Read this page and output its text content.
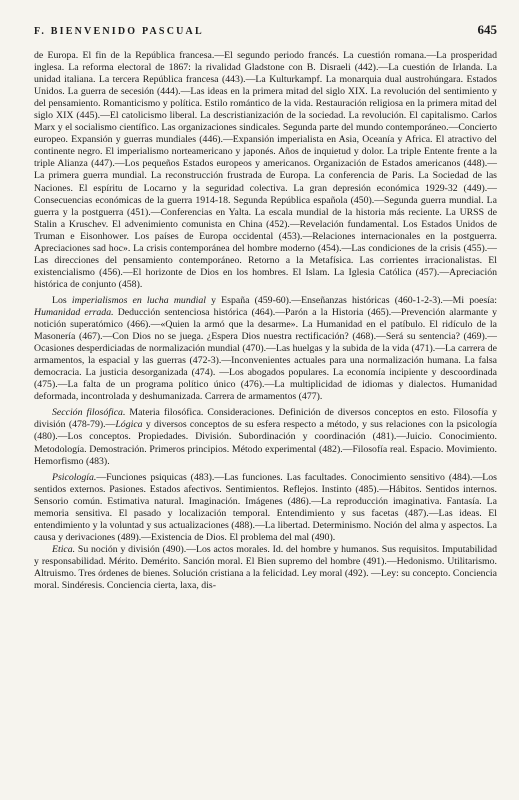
F. BIENVENIDO PASCUAL	645

de Europa. El fin de la República francesa.—El segundo periodo francés. La cuestión romana.—La prosperidad inglesa. La reforma electoral de 1867: la rivalidad Gladstone con B. Disraeli (442).—La cuestión de Irlanda. La unidad italiana. La tercera República francesa (443).—La Kulturkampf. La monarquia dual austrohúngara. Estados Unidos. La guerra de secesión (444).—Las ideas en la primera mitad del siglo XIX. La revolución del sentimiento y del pensamiento. Romanticismo y política. Estilo romántico de la vida. Restauración religiosa en la primera mitad del siglo XIX (445).—El catolicismo liberal. La descristianización de la sociedad. La revolución. El capitalismo. Carlos Marx y el socialismo científico. Las organizaciones sindicales. Segunda parte del mundo contemporáneo.—Concierto europeo. Expansión y guerras mundiales (446).—Expansión imperialista en Asia, Oceanía y Africa. El atractivo del continente negro. El imperialismo norteamericano y japonés. Años de inquietud y dolor. La triple Entente frente a la triple Alianza (447).—Los pequeños Estados europeos y americanos. Organización de Estados americanos (448).—La primera guerra mundial. La reconstrucción frustrada de Europa. La conferencia de Paris. La Sociedad de las Naciones. El espíritu de Locarno y la seguridad colectiva. La gran depresión económica 1929-32 (449).—Consecuencias económicas de la guerra 1914-18. Segunda República española (450).—Segunda guerra mundial. La guerra y la postguerra (451).—Conferencias en Yalta. La escala mundial de la historia más reciente. La URSS de Stalin a Kruschev. El advenimiento comunista en China (452).—Revelación fundamental. Los Estados Unidos de Truman e Eisonhower. Los países de Europa occidental (453).—Relaciones internacionales en la postguerra. Apreciaciones sad hoc». La crisis contemporánea del hombre moderno (454).—Las condiciones de la crisis (455).—Las direcciones del pensamiento contemporáneo. Retorno a la Metafísica. Las corrientes irracionalistas. El existencialismo (456).—El horizonte de Dios en los hombres. El Islam. La Iglesia Católica (457).—Apreciación histórica de conjunto (458).

Los imperialismos en lucha mundial y España (459-60).—Enseñanzas históricas (460-1-2-3).—Mi poesía: Humanidad errada. Deducción sentenciosa histórica (464).—Parón a la Historia (465).—Prevención alarmante y notición superatómico (466).—«Quien la armó que la desarme». La Humanidad en el patíbulo. El ridículo de la Masonería (467).—Con Dios no se juega. ¿Espera Dios nuestra rectificación? (468).—Será su sentencia? (469).—Ocasiones desperdiciadas de normalización mundial (470).—Las huelgas y la subida de la vida (471).—La carrera de armamentos, la espacial y las guerras (472-3).—Inconvenientes actuales para una normalización humana. La falsa democracia. La justicia desorganizada (474). —Los abogados populares. La economía incipiente y descoordinada (475).—La falta de un programa político único (476).—La multiplicidad de idiomas y dialectos. Humanidad deformada, incontrolada y deshumanizada. Carrera de armamentos (477).

Sección filosófica. Materia filosófica. Consideraciones. Definición de diversos conceptos en esto. Filosofía y división (478-79).—Lógica y diversos conceptos de su esfera respecto a método, y sus relaciones con la psicología (480).—Los conceptos. Propiedades. División. Subordinación y coordinación (481).—Juicio. Conocimiento. Metodología. Demostración. Primeros principios. Método experimental (482).—Filosofía real. Espacio. Movimiento. Hemorfismo (483).

Psicología.—Funciones psiquicas (483).—Las funciones. Las facultades. Conocimiento sensitivo (484).—Los sentidos externos. Pasiones. Estados afectivos. Sentimientos. Reflejos. Instinto (485).—Hábitos. Sentidos internos. Sensorio común. Estimativa natural. Imaginación. Imágenes (486).—La reproducción imaginativa. Fantasía. La memoria sensitiva. El pasado y localización temporal. Entendimiento y sus facetas (487).—Las ideas. El entendimiento y la voluntad y sus actualizaciones (488).—La libertad. Determinismo. Noción del alma y aspectos. La causa y derivaciones (489).—Existencia de Dios. El problema del mal (490).

Etica. Su noción y división (490).—Los actos morales. Id. del hombre y humanos. Sus requisitos. Imputabilidad y responsabilidad. Mérito. Demérito. Sanción moral. El Bien supremo del hombre (491).—Hedonismo. Utilitarismo. Altruismo. Tres órdenes de bienes. Solución cristiana a la felicidad. Ley moral (492). —Ley: su concepto. Conciencia moral. Sindéresis. Conciencia cierta, laxa, dis-
